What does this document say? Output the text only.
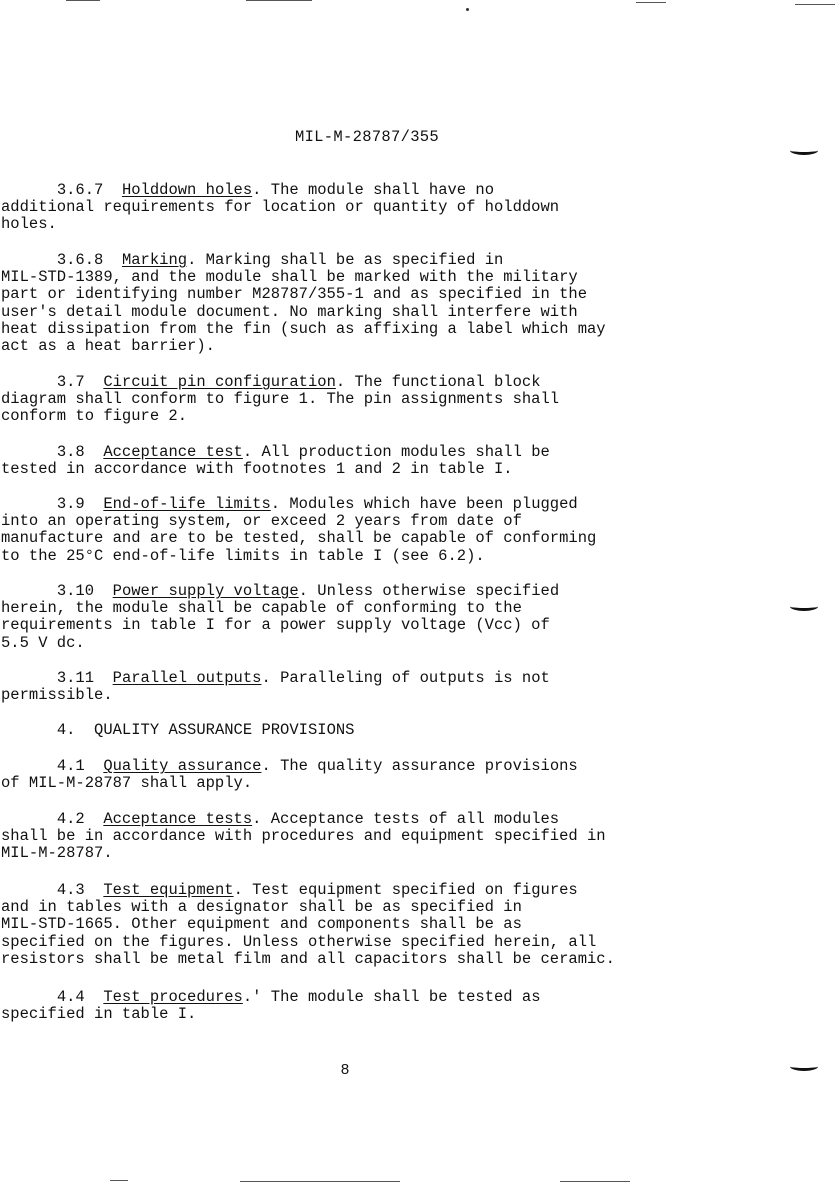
MIL-M-28787/355
3.6.7 Holddown holes. The module shall have no
additional requirements for location or quantity of holddown
holes.
3.6.8 Marking. Marking shall be as specified in
MIL-STD-1389, and the module shall be marked with the military
part or identifying number M28787/355-1 and as specified in the
user's detail module document. No marking shall interfere with
heat dissipation from the fin (such as affixing a label which may
act as a heat barrier).
3.7 Circuit pin configuration. The functional block
diagram shall conform to figure 1. The pin assignments shall
conform to figure 2.
3.8 Acceptance test. All production modules shall be
tested in accordance with footnotes 1 and 2 in table I.
3.9 End-of-life limits. Modules which have been plugged
into an operating system, or exceed 2 years from date of
manufacture and are to be tested, shall be capable of conforming
to the 25°C end-of-life limits in table I (see 6.2).
3.10 Power supply voltage. Unless otherwise specified
herein, the module shall be capable of conforming to the
requirements in table I for a power supply voltage (Vcc) of
5.5 V dc.
3.11 Parallel outputs. Paralleling of outputs is not
permissible.
4. QUALITY ASSURANCE PROVISIONS
4.1 Quality assurance. The quality assurance provisions
of MIL-M-28787 shall apply.
4.2 Acceptance tests. Acceptance tests of all modules
shall be in accordance with procedures and equipment specified in
MIL-M-28787.
4.3 Test equipment. Test equipment specified on figures
and in tables with a designator shall be as specified in
MIL-STD-1665. Other equipment and components shall be as
specified on the figures. Unless otherwise specified herein, all
resistors shall be metal film and all capacitors shall be ceramic.
4.4 Test procedures.' The module shall be tested as
specified in table I.
8
